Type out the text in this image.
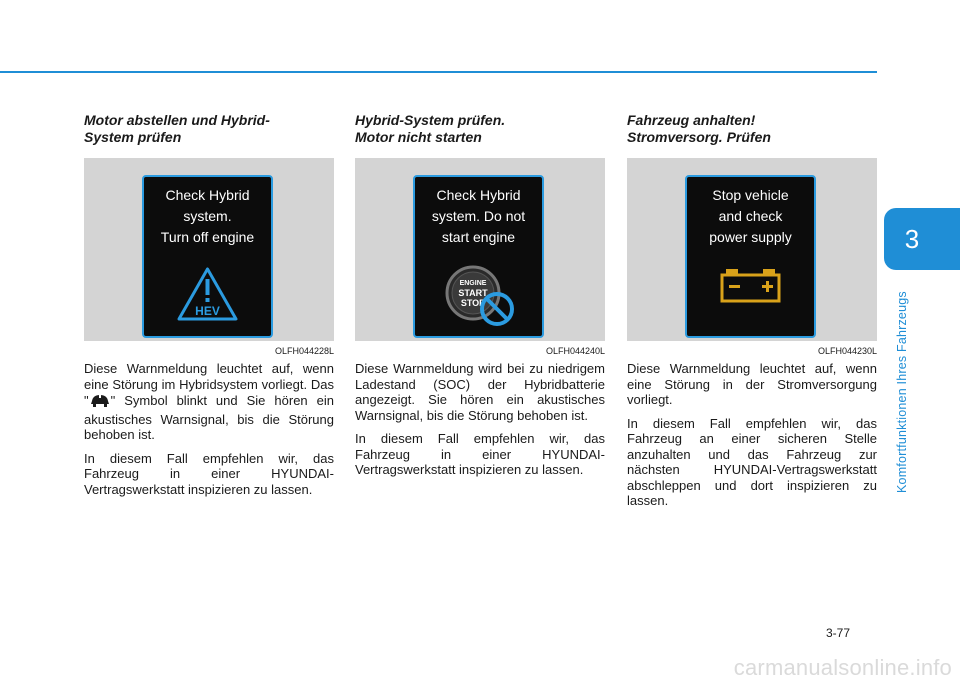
3
Komfortfunktionen Ihres Fahrzeugs
Motor abstellen und Hybrid-
System prüfen
Check Hybrid
system.
Turn off engine
HEV
OLFH044228L

Diese Warnmeldung leuchtet auf, wenn eine Störung im Hybridsystem vorliegt. Das " " Symbol blinkt und Sie hören ein akustisches Warnsignal, bis die Störung behoben ist.

In diesem Fall empfehlen wir, das Fahrzeug in einer HYUNDAI-Vertragswerkstatt inspizieren zu lassen.

Hybrid-System prüfen.
Motor nicht starten
Check Hybrid
system. Do not
start engine
ENGINE
START
STOP
OLFH044240L

Diese Warnmeldung wird bei zu niedrigem Ladestand (SOC) der Hybridbatterie angezeigt. Sie hören ein akustisches Warnsignal, bis die Störung behoben ist.

In diesem Fall empfehlen wir, das Fahrzeug in einer HYUNDAI-Vertragswerkstatt inspizieren zu lassen.

Fahrzeug anhalten!
Stromversorg. Prüfen
Stop vehicle
and check
power supply
OLFH044230L

Diese Warnmeldung leuchtet auf, wenn eine Störung in der Stromversorgung vorliegt.

In diesem Fall empfehlen wir, das Fahrzeug an einer sicheren Stelle anzuhalten und das Fahrzeug zur nächsten HYUNDAI-Vertragswerkstatt abschleppen und dort inspizieren zu lassen.

3-77
carmanualsonline.info
